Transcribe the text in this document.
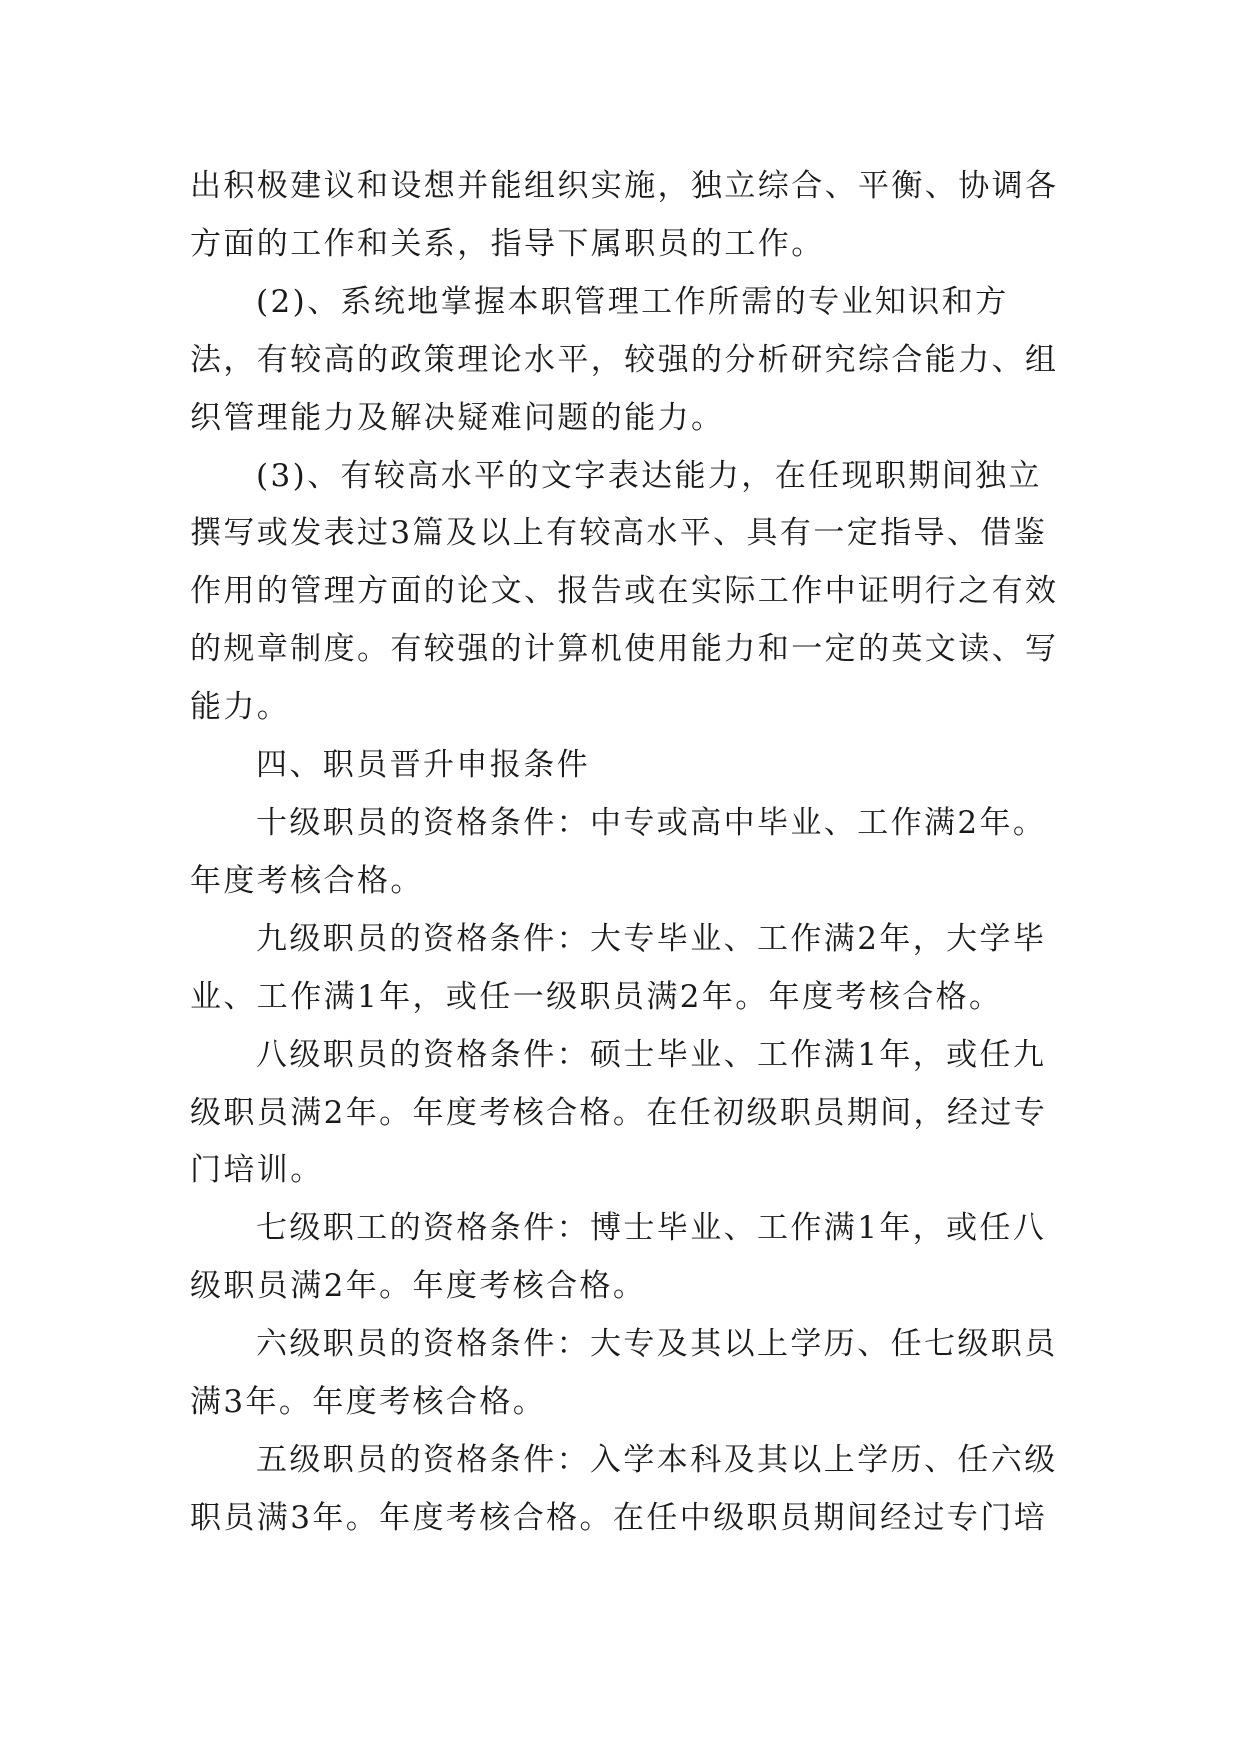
出积极建议和设想并能组织实施，独立综合、平衡、协调各方面的工作和关系，指导下属职员的工作。

(2)、系统地掌握本职管理工作所需的专业知识和方法，有较高的政策理论水平，较强的分析研究综合能力、组织管理能力及解决疑难问题的能力。

(3)、有较高水平的文字表达能力，在任现职期间独立撰写或发表过3篇及以上有较高水平、具有一定指导、借鉴作用的管理方面的论文、报告或在实际工作中证明行之有效的规章制度。有较强的计算机使用能力和一定的英文读、写能力。

四、职员晋升申报条件

十级职员的资格条件：中专或高中毕业、工作满2年。年度考核合格。

九级职员的资格条件：大专毕业、工作满2年，大学毕业、工作满1年，或任一级职员满2年。年度考核合格。

八级职员的资格条件：硕士毕业、工作满1年，或任九级职员满2年。年度考核合格。在任初级职员期间，经过专门培训。

七级职工的资格条件：博士毕业、工作满1年，或任八级职员满2年。年度考核合格。

六级职员的资格条件：大专及其以上学历、任七级职员满3年。年度考核合格。

五级职员的资格条件：入学本科及其以上学历、任六级职员满3年。年度考核合格。在任中级职员期间经过专门培
